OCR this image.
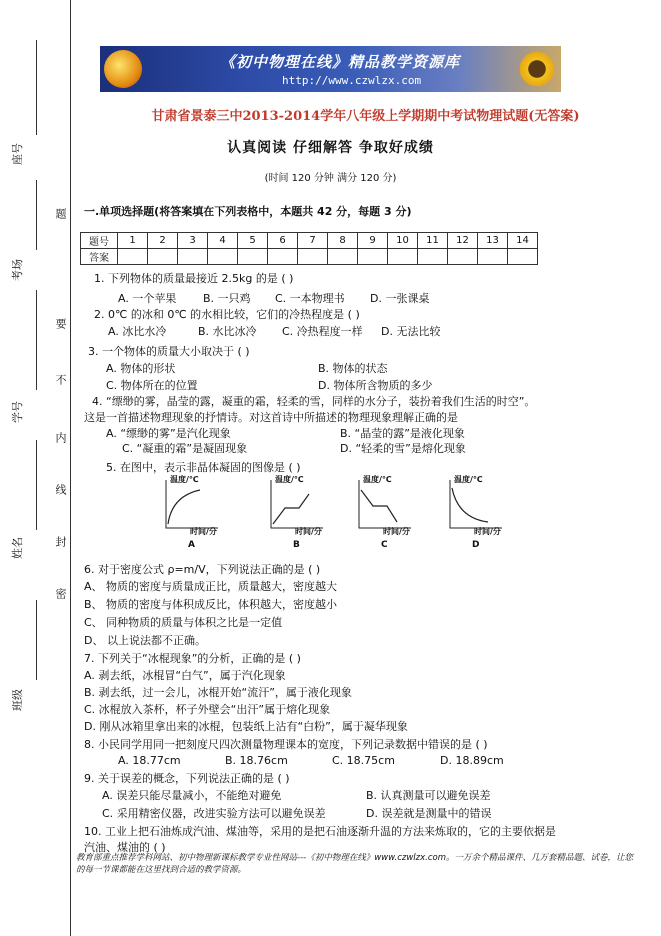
座号
考场
学号
姓名
班级
题
要
不
内
线
封
密
《初中物理在线》精品教学资源库
http://www.czwlzx.com
甘肃省景泰三中2013-2014学年八年级上学期期中考试物理试题(无答案)
认真阅读 仔细解答 争取好成绩
(时间 120 分钟 满分 120 分)
一.单项选择题(将答案填在下列表格中，本题共 42 分，每题 3 分)
题号	1	2	3	4	5	6	7	8	9	10	11	12	13	14
答案														
1. 下列物体的质量最接近 2.5kg 的是 ( )
A. 一个苹果 B. 一只鸡 C. 一本物理书 D. 一张课桌
2. 0℃ 的冰和 0℃ 的水相比较，它们的冷热程度是 ( )
A. 冰比水冷	B. 水比冰冷 C. 冷热程度一样 D. 无法比较
3. 一个物体的质量大小取决于 ( )
A. 物体的形状	B. 物体的状态
C. 物体所在的位置	D. 物体所含物质的多少
4. “缥缈的雾，晶莹的露，凝重的霜，轻柔的雪，同样的水分子，装扮着我们生活的时空”。
这是一首描述物理现象的抒情诗。对这首诗中所描述的物理现象理解正确的是
A. “缥缈的雾”是汽化现象	B. “晶莹的露”是液化现象
C. “凝重的霜”是凝固现象	D. “轻柔的雪”是熔化现象
5. 在图中，表示非晶体凝固的图像是 ( )
温度/℃
时间/分
A
温度/℃
时间/分
B
温度/℃
时间/分
C
温度/℃
时间/分
D
6. 对于密度公式 ρ=m/V，下列说法正确的是 ( )
A、 物质的密度与质量成正比，质量越大，密度越大
B、 物质的密度与体积成反比，体积越大，密度越小
C、 同种物质的质量与体积之比是一定值
D、 以上说法都不正确。
7. 下列关于“冰棍现象”的分析，正确的是 ( )
A. 剥去纸，冰棍冒“白气”，属于汽化现象
B. 剥去纸，过一会儿，冰棍开始“流汗”，属于液化现象
C. 冰棍放入茶杯，杯子外壁会“出汗”属于熔化现象
D. 刚从冰箱里拿出来的冰棍，包装纸上沾有“白粉”，属于凝华现象
8. 小民同学用同一把刻度尺四次测量物理课本的宽度，下列记录数据中错误的是 ( )
A. 18.77cm	B. 18.76cm	C. 18.75cm	D. 18.89cm
9. 关于误差的概念，下列说法正确的是 ( )
A. 误差只能尽量减小，不能绝对避免	B. 认真测量可以避免误差
C. 采用精密仪器，改进实验方法可以避免误差	D. 误差就是测量中的错误
10. 工业上把石油炼成汽油、煤油等，采用的是把石油逐渐升温的方法来炼取的，它的主要依据是
汽油、煤油的 ( )
教育部重点推荐学科网站、初中物理新课标教学专业性网站---《初中物理在线》www.czwlzx.com。一万余个精品课件、几万套精品题、试卷，让您的每一节课都能在这里找到合适的教学资源。
